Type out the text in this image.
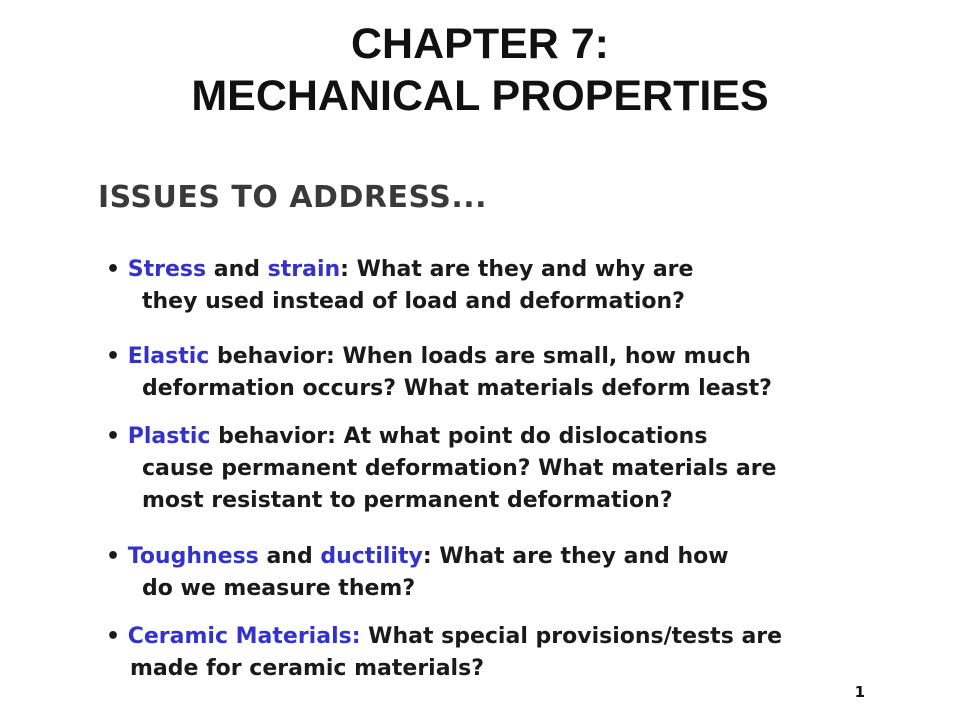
CHAPTER 7:
MECHANICAL PROPERTIES
ISSUES TO ADDRESS...
• Stress and strain: What are they and why are
they used instead of load and deformation?
• Elastic behavior: When loads are small, how much
deformation occurs? What materials deform least?
• Plastic behavior: At what point do dislocations
cause permanent deformation? What materials are
most resistant to permanent deformation?
• Toughness and ductility: What are they and how
do we measure them?
• Ceramic Materials: What special provisions/tests are
made for ceramic materials?
1
